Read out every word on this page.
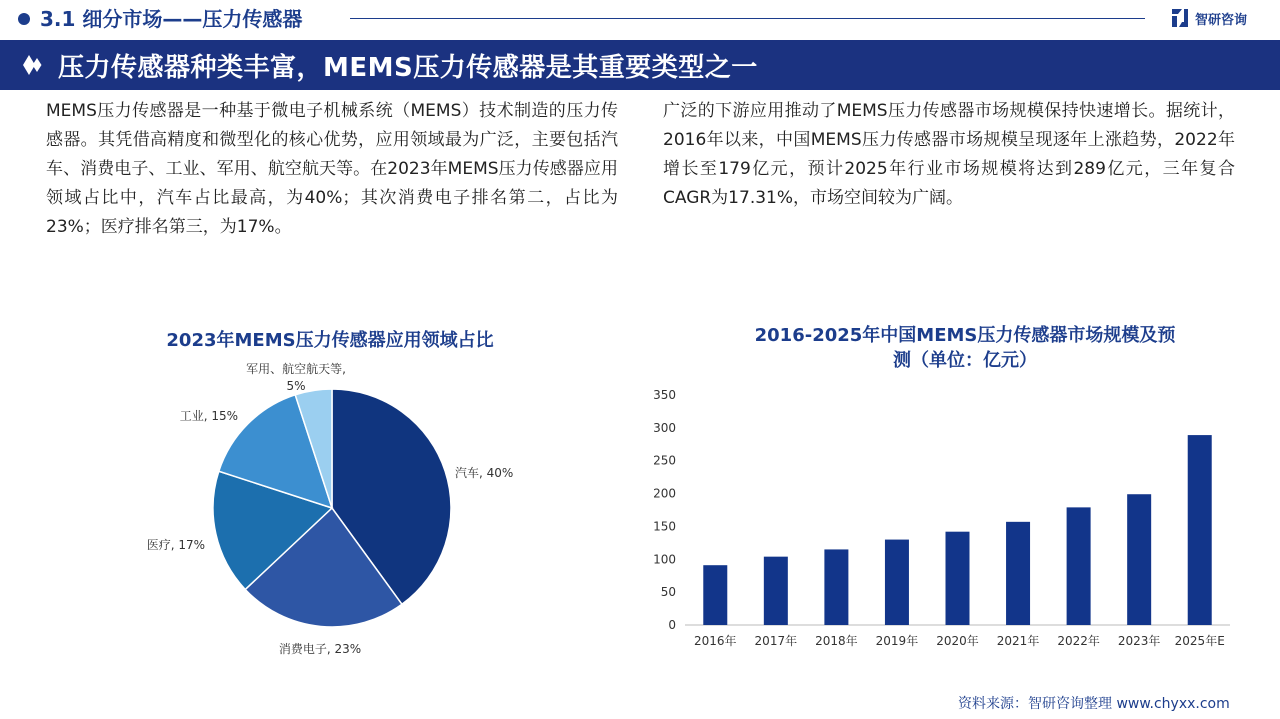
3.1 细分市场——压力传感器	智研咨询
压力传感器种类丰富，MEMS压力传感器是其重要类型之一
MEMS压力传感器是一种基于微电子机械系统（MEMS）技术制造的压力传感器。其凭借高精度和微型化的核心优势，应用领域最为广泛，主要包括汽车、消费电子、工业、军用、航空航天等。在2023年MEMS压力传感器应用领域占比中，汽车占比最高，为40%；其次消费电子排名第二，占比为23%；医疗排名第三，为17%。
广泛的下游应用推动了MEMS压力传感器市场规模保持快速增长。据统计，2016年以来，中国MEMS压力传感器市场规模呈现逐年上涨趋势，2022年增长至179亿元，预计2025年行业市场规模将达到289亿元，三年复合CAGR为17.31%，市场空间较为广阔。
2023年MEMS压力传感器应用领域占比
汽车, 40%
消费电子, 23%
医疗, 17%
工业, 15%
军用、航空航天等,
5%
2016-2025年中国MEMS压力传感器市场规模及预
测（单位：亿元）
0
50
100
150
200
250
300
350
2016年 2017年 2018年 2019年 2020年 2021年 2022年 2023年 2025年E
资料来源：智研咨询整理 www.chyxx.com
